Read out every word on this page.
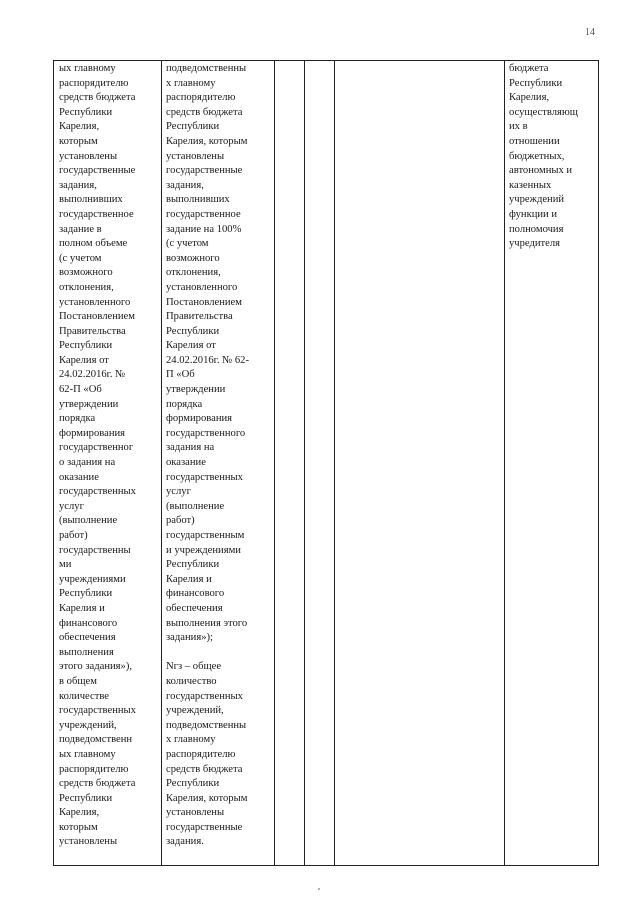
14
ых главному
распорядителю
средств бюджета
Республики
Карелия,
которым
установлены
государственные
задания,
выполнивших
государственное
задание в
полном объеме
(с учетом
возможного
отклонения,
установленного
Постановлением
Правительства
Республики
Карелия от
24.02.2016г. №
62-П «Об
утверждении
порядка
формирования
государственног
о задания на
оказание
государственных
услуг
(выполнение
работ)
государственны
ми
учреждениями
Республики
Карелия и
финансового
обеспечения
выполнения
этого задания»),
в общем
количестве
государственных
учреждений,
подведомственн
ых главному
распорядителю
средств бюджета
Республики
Карелия,
которым
установлены
подведомственны
х главному
распорядителю
средств бюджета
Республики
Карелия, которым
установлены
государственные
задания,
выполнивших
государственное
задание на 100%
(с учетом
возможного
отклонения,
установленного
Постановлением
Правительства
Республики
Карелия от
24.02.2016г. № 62-
П «Об
утверждении
порядка
формирования
государственного
задания на
оказание
государственных
услуг
(выполнение
работ)
государственным
и учреждениями
Республики
Карелия и
финансового
обеспечения
выполнения этого
задания»);

Nгз – общее
количество
государственных
учреждений,
подведомственны
х главному
распорядителю
средств бюджета
Республики
Карелия, которым
установлены
государственные
задания.
бюджета
Республики
Карелия,
осуществляющ
их в
отношении
бюджетных,
автономных и
казенных
учреждений
функции и
полномочия
учредителя
